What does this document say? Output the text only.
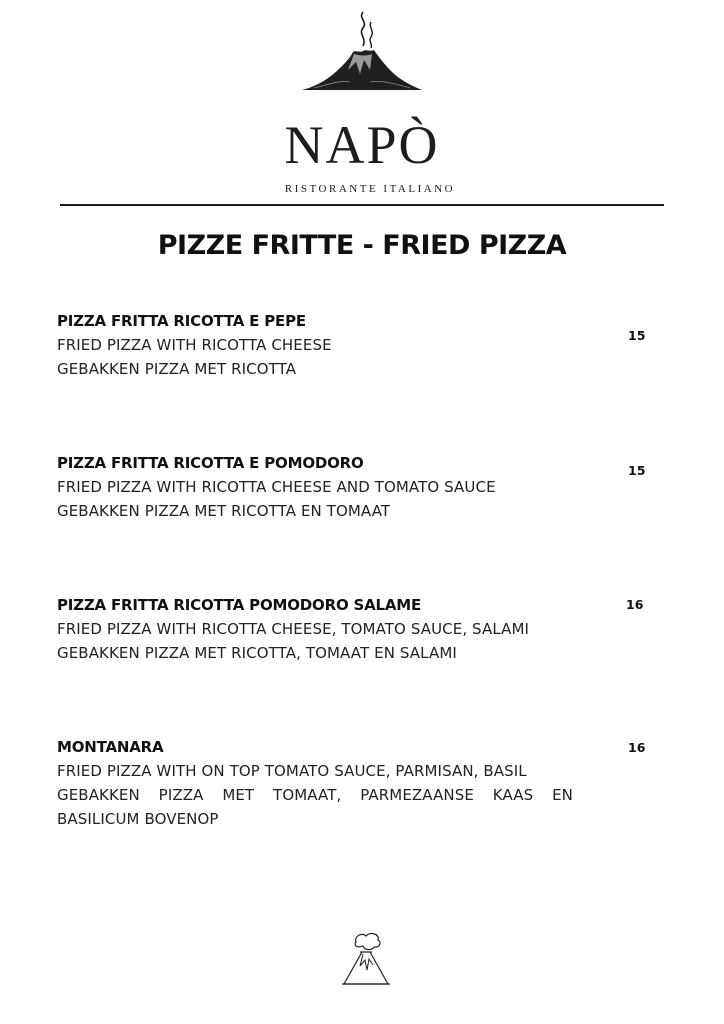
NAPÒ
RISTORANTE ITALIANO
PIZZE FRITTE - FRIED PIZZA
PIZZA FRITTA RICOTTA E PEPE
FRIED PIZZA WITH RICOTTA CHEESE
GEBAKKEN PIZZA MET RICOTTA
15
PIZZA FRITTA RICOTTA E POMODORO
FRIED PIZZA WITH RICOTTA CHEESE AND TOMATO SAUCE
GEBAKKEN PIZZA MET RICOTTA EN TOMAAT
15
PIZZA FRITTA RICOTTA POMODORO SALAME
FRIED PIZZA WITH RICOTTA CHEESE, TOMATO SAUCE, SALAMI
GEBAKKEN PIZZA MET RICOTTA, TOMAAT EN SALAMI
16
MONTANARA
FRIED PIZZA WITH ON TOP TOMATO SAUCE, PARMISAN, BASIL
GEBAKKEN PIZZA MET TOMAAT, PARMEZAANSE KAAS EN
BASILICUM BOVENOP
16
